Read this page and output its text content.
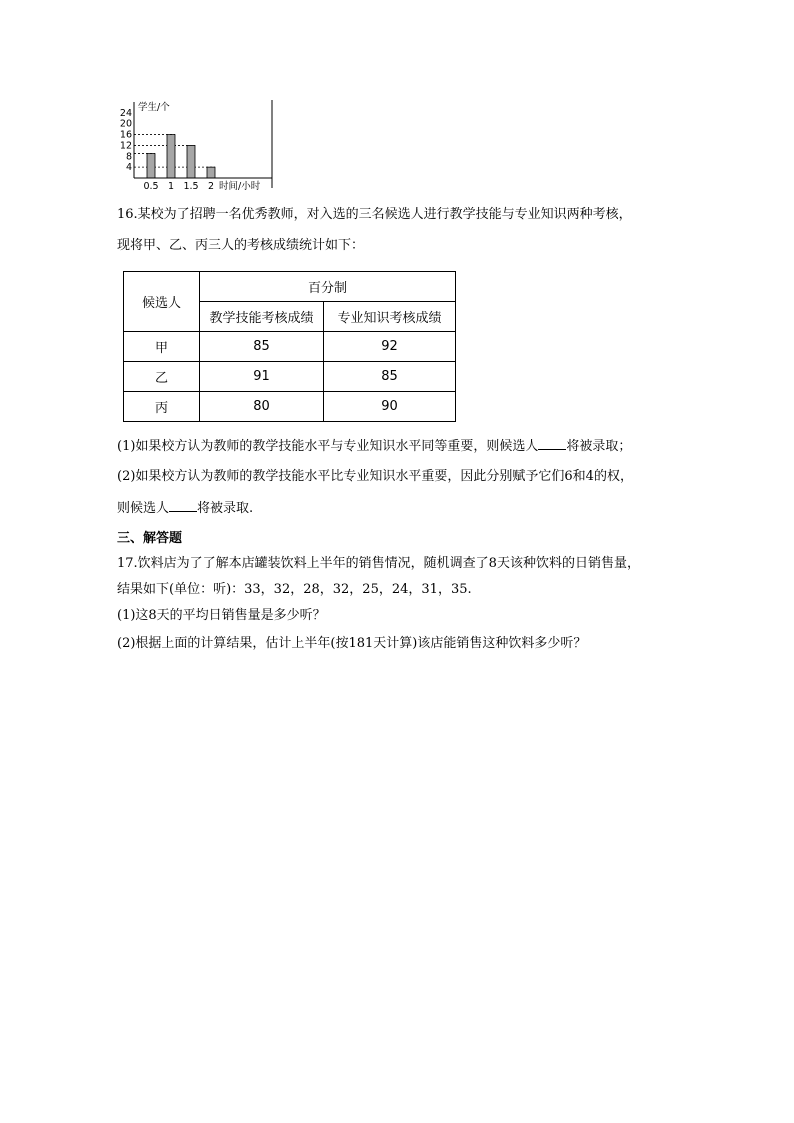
学生/个
时间/小时
24
20
16
12
8
4
0.5 1 1.5 2
16.某校为了招聘一名优秀教师，对入选的三名候选人进行教学技能与专业知识两种考核，
现将甲、乙、丙三人的考核成绩统计如下：
候选人	百分制	
	教学技能考核成绩	专业知识考核成绩
甲	85	92
乙	91	85
丙	80	90
(1)如果校方认为教师的教学技能水平与专业知识水平同等重要，则候选人 将被录取；
(2)如果校方认为教师的教学技能水平比专业知识水平重要，因此分别赋予它们6和4的权，
则候选人 将被录取.
三、解答题
17.饮料店为了了解本店罐装饮料上半年的销售情况，随机调查了8天该种饮料的日销售量，
结果如下(单位：听)：33，32，28，32，25，24，31，35.
(1)这8天的平均日销售量是多少听？
(2)根据上面的计算结果，估计上半年(按181天计算)该店能销售这种饮料多少听？
